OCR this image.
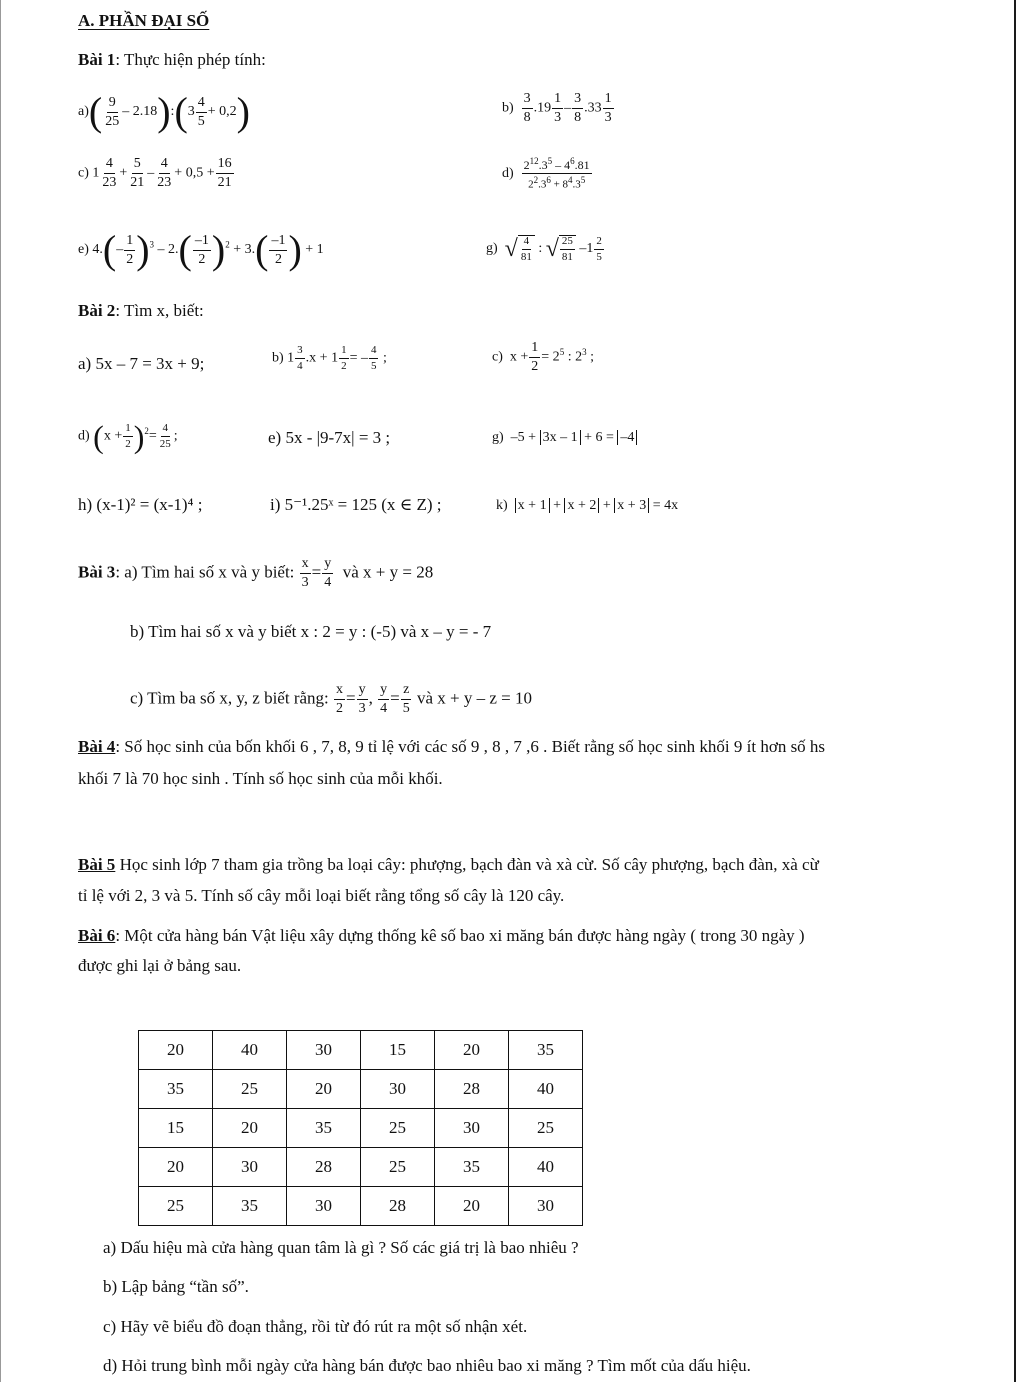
A. PHẦN ĐẠI SỐ
Bài 1: Thực hiện phép tính:
$a)( \frac{9}{25}$ – 2.18):(3 $\frac{4}{5} + 0,2$)	$b) \frac{3}{8} .19 \frac{1}{3} - \frac{3}{8} .33 \frac{1}{3}$
c) $1 \frac{4}{23} + \frac{5}{21} - \frac{4}{23} + 0,5 + \frac{16}{21}$	$d) \frac{2^{12}.3^5 - 4^6.81}{2^2.3^6 + 8^4.3^5}$
e) $4.(- \frac{1}{2} )^3 - 2.( \frac{-1}{2} )^2 + 3.( \frac{-1}{2}$ ) + 1	g) √ $\frac{4}{81}$ : √ $\frac{25}{81} -1 \frac{2}{5}$
Bài 2: Tìm x, biết:
a) 5x – 7 = 3x + 9;	b) $1 \frac{3}{4} .x + 1 \frac{1}{2}$ = – $\frac{4}{5}$ ;	c)  $x + \frac{1}{2} = 2^5$ : $2^3$ ;
d) $(x + \frac{1}{2} )^2= \frac{4}{25}$ ;	e) 5x - |9-7x| = 3 ;	g)  –5 + 3x – 1 + 6 = –4
h) (x-1)² = (x-1)⁴ ;	i) 5⁻¹.25ˣ = 125 (x ∈ Z) ;	k)  x + 1 + x + 2 + x + 3 = 4x
Bài 3: a) Tìm hai số x và y biết: $\frac{x}{3} = \frac{y}{4}$ và x + y = 28
b) Tìm hai số x và y biết x : 2 = y : (-5) và x – y = - 7
c) Tìm ba số x, y, z biết rằng: $\frac{x}{2} = \frac{y}{3}$ , $\frac{y}{4} = \frac{z}{5}$ và x + y – z = 10
Bài 4: Số học sinh của bốn khối 6 , 7, 8, 9 tỉ lệ với các số 9 , 8 , 7 ,6 . Biết rằng số học sinh khối 9 ít hơn số hs
khối 7 là 70 học sinh . Tính số học sinh của mỗi khối.
Bài 5 Học sinh lớp 7 tham gia trồng ba loại cây: phượng, bạch đàn và xà cừ. Số cây phượng, bạch đàn, xà cừ
tỉ lệ với 2, 3 và 5. Tính số cây mỗi loại biết rằng tổng số cây là 120 cây.
Bài 6: Một cửa hàng bán Vật liệu xây dựng thống kê số bao xi măng bán được hàng ngày ( trong 30 ngày )
được ghi lại ở bảng sau.
20	40	30	15	20	35
35	25	20	30	28	40
15	20	35	25	30	25
20	30	28	25	35	40
25	35	30	28	20	30
a) Dấu hiệu mà cửa hàng quan tâm là gì ? Số các giá trị là bao nhiêu ?
b) Lập bảng “tần số”.
c) Hãy vẽ biểu đồ đoạn thẳng, rồi từ đó rút ra một số nhận xét.
d) Hỏi trung bình mỗi ngày cửa hàng bán được bao nhiêu bao xi măng ? Tìm mốt của dấu hiệu.
